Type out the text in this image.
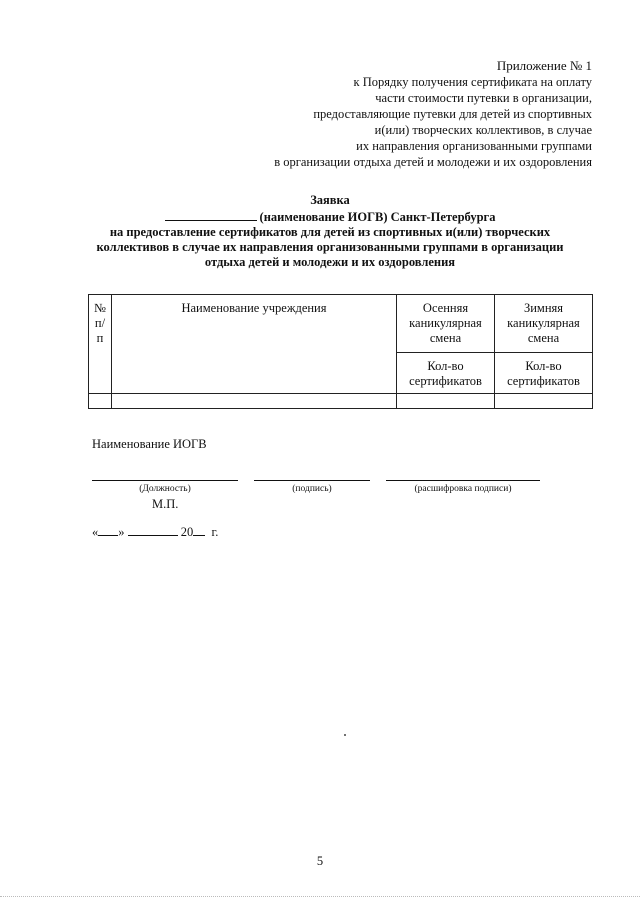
Приложение № 1
к Порядку получения сертификата на оплату
части стоимости путевки в организации,
предоставляющие путевки для детей из спортивных
и(или) творческих коллективов, в случае
их направления организованными группами
в организации отдыха детей и молодежи и их оздоровления
Заявка
(наименование ИОГВ) Санкт-Петербурга
на предоставление сертификатов для детей из спортивных и(или) творческих
коллективов в случае их направления организованными группами в организации
отдыха детей и молодежи и их оздоровления
№ п/п	Наименование учреждения	Осенняя каникулярная смена	Зимняя каникулярная смена
		Кол-во сертификатов	Кол-во сертификатов

Наименование ИОГВ
(Должность)	(подпись)	(расшифровка подписи)
М.П.
« »	20 г.
5
